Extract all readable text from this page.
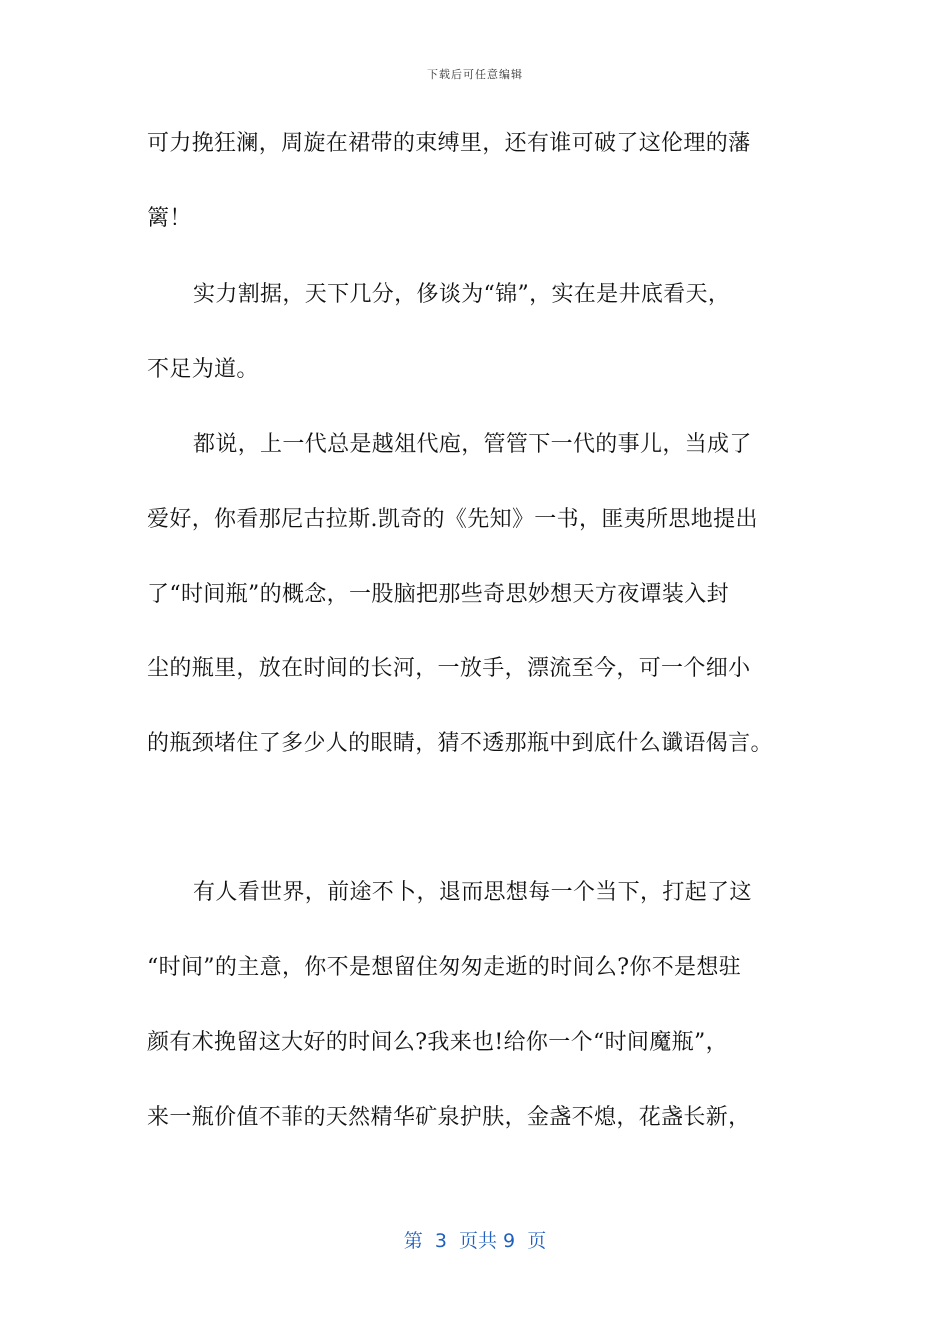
下载后可任意编辑
可力挽狂澜，周旋在裙带的束缚里，还有谁可破了这伦理的藩
篱！
实力割据，天下几分，侈谈为“锦”，实在是井底看天，
不足为道。
都说，上一代总是越俎代庖，管管下一代的事儿，当成了
爱好，你看那尼古拉斯.凯奇的《先知》一书，匪夷所思地提出
了“时间瓶”的概念，一股脑把那些奇思妙想天方夜谭装入封
尘的瓶里，放在时间的长河，一放手，漂流至今，可一个细小
的瓶颈堵住了多少人的眼睛，猜不透那瓶中到底什么谶语偈言。
有人看世界，前途不卜，退而思想每一个当下，打起了这
“时间”的主意，你不是想留住匆匆走逝的时间么?你不是想驻
颜有术挽留这大好的时间么?我来也!给你一个“时间魔瓶”，
来一瓶价值不菲的天然精华矿泉护肤，金盏不熄，花盏长新，
第  3  页共 9  页
